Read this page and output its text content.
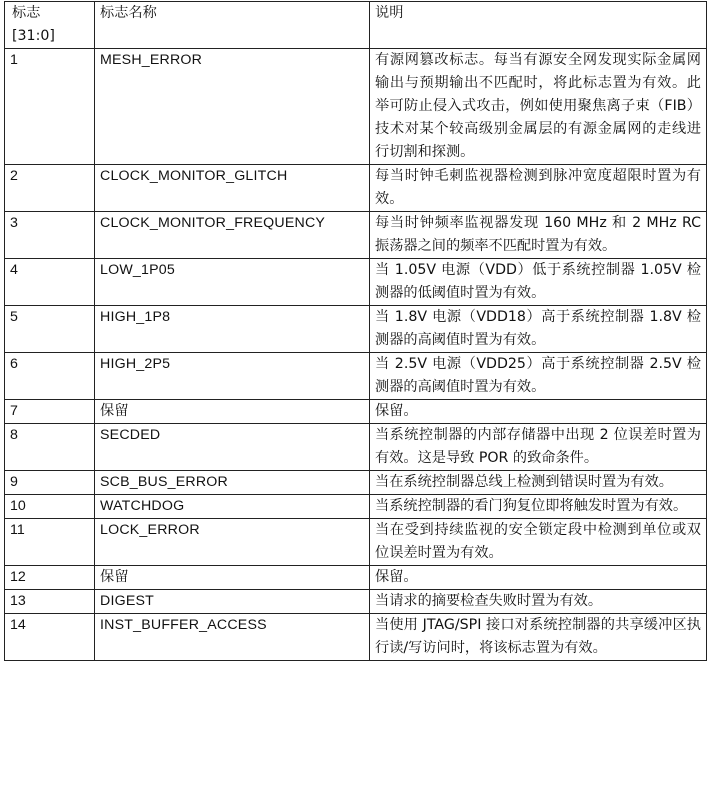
标志
[31:0]	标志名称	说明
1	MESH_ERROR	有源网篡改标志。每当有源安全网发现实际金属网输出与预期输出不匹配时，将此标志置为有效。此举可防止侵入式攻击，例如使用聚焦离子束（FIB）技术对某个较高级别金属层的有源金属网的走线进行切割和探测。
2	CLOCK_MONITOR_GLITCH	每当时钟毛刺监视器检测到脉冲宽度超限时置为有效。
3	CLOCK_MONITOR_FREQUENCY	每当时钟频率监视器发现 160 MHz 和 2 MHz RC 振荡器之间的频率不匹配时置为有效。
4	LOW_1P05	当 1.05V 电源（VDD）低于系统控制器 1.05V 检测器的低阈值时置为有效。
5	HIGH_1P8	当 1.8V 电源（VDD18）高于系统控制器 1.8V 检测器的高阈值时置为有效。
6	HIGH_2P5	当 2.5V 电源（VDD25）高于系统控制器 2.5V 检测器的高阈值时置为有效。
7	保留	保留。
8	SECDED	当系统控制器的内部存储器中出现 2 位误差时置为有效。这是导致 POR 的致命条件。
9	SCB_BUS_ERROR	当在系统控制器总线上检测到错误时置为有效。
10	WATCHDOG	当系统控制器的看门狗复位即将触发时置为有效。
11	LOCK_ERROR	当在受到持续监视的安全锁定段中检测到单位或双位误差时置为有效。
12	保留	保留。
13	DIGEST	当请求的摘要检查失败时置为有效。
14	INST_BUFFER_ACCESS	当使用 JTAG/SPI 接口对系统控制器的共享缓冲区执行读/写访问时，将该标志置为有效。
